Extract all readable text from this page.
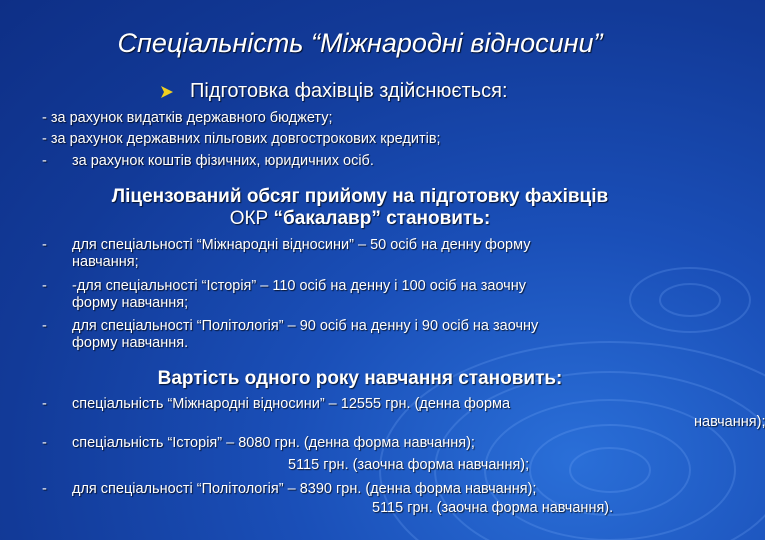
Спеціальність “Міжнародні відносини”
Підготовка фахівців здійснюється:
- за рахунок видатків державного бюджету;
- за рахунок державних пільгових довгострокових кредитів;
- за рахунок коштів фізичних, юридичних осіб.
Ліцензований обсяг прийому на підготовку фахівців
ОКР “бакалавр” становить:
- для спеціальності “Міжнародні відносини” – 50 осіб на денну форму
навчання;
- -для спеціальності “Історія” – 110 осіб на денну і 100 осіб на заочну
форму навчання;
- для спеціальності “Політологія” – 90 осіб на денну і 90 осіб на заочну
форму навчання.
Вартість одного року навчання становить:
- спеціальність “Міжнародні відносини” – 12555 грн. (денна форма
навчання);
- спеціальність “Історія” – 8080 грн. (денна форма навчання);
5115 грн. (заочна форма навчання);
- для спеціальності “Політологія” – 8390 грн. (денна форма навчання);
5115 грн. (заочна форма навчання).
